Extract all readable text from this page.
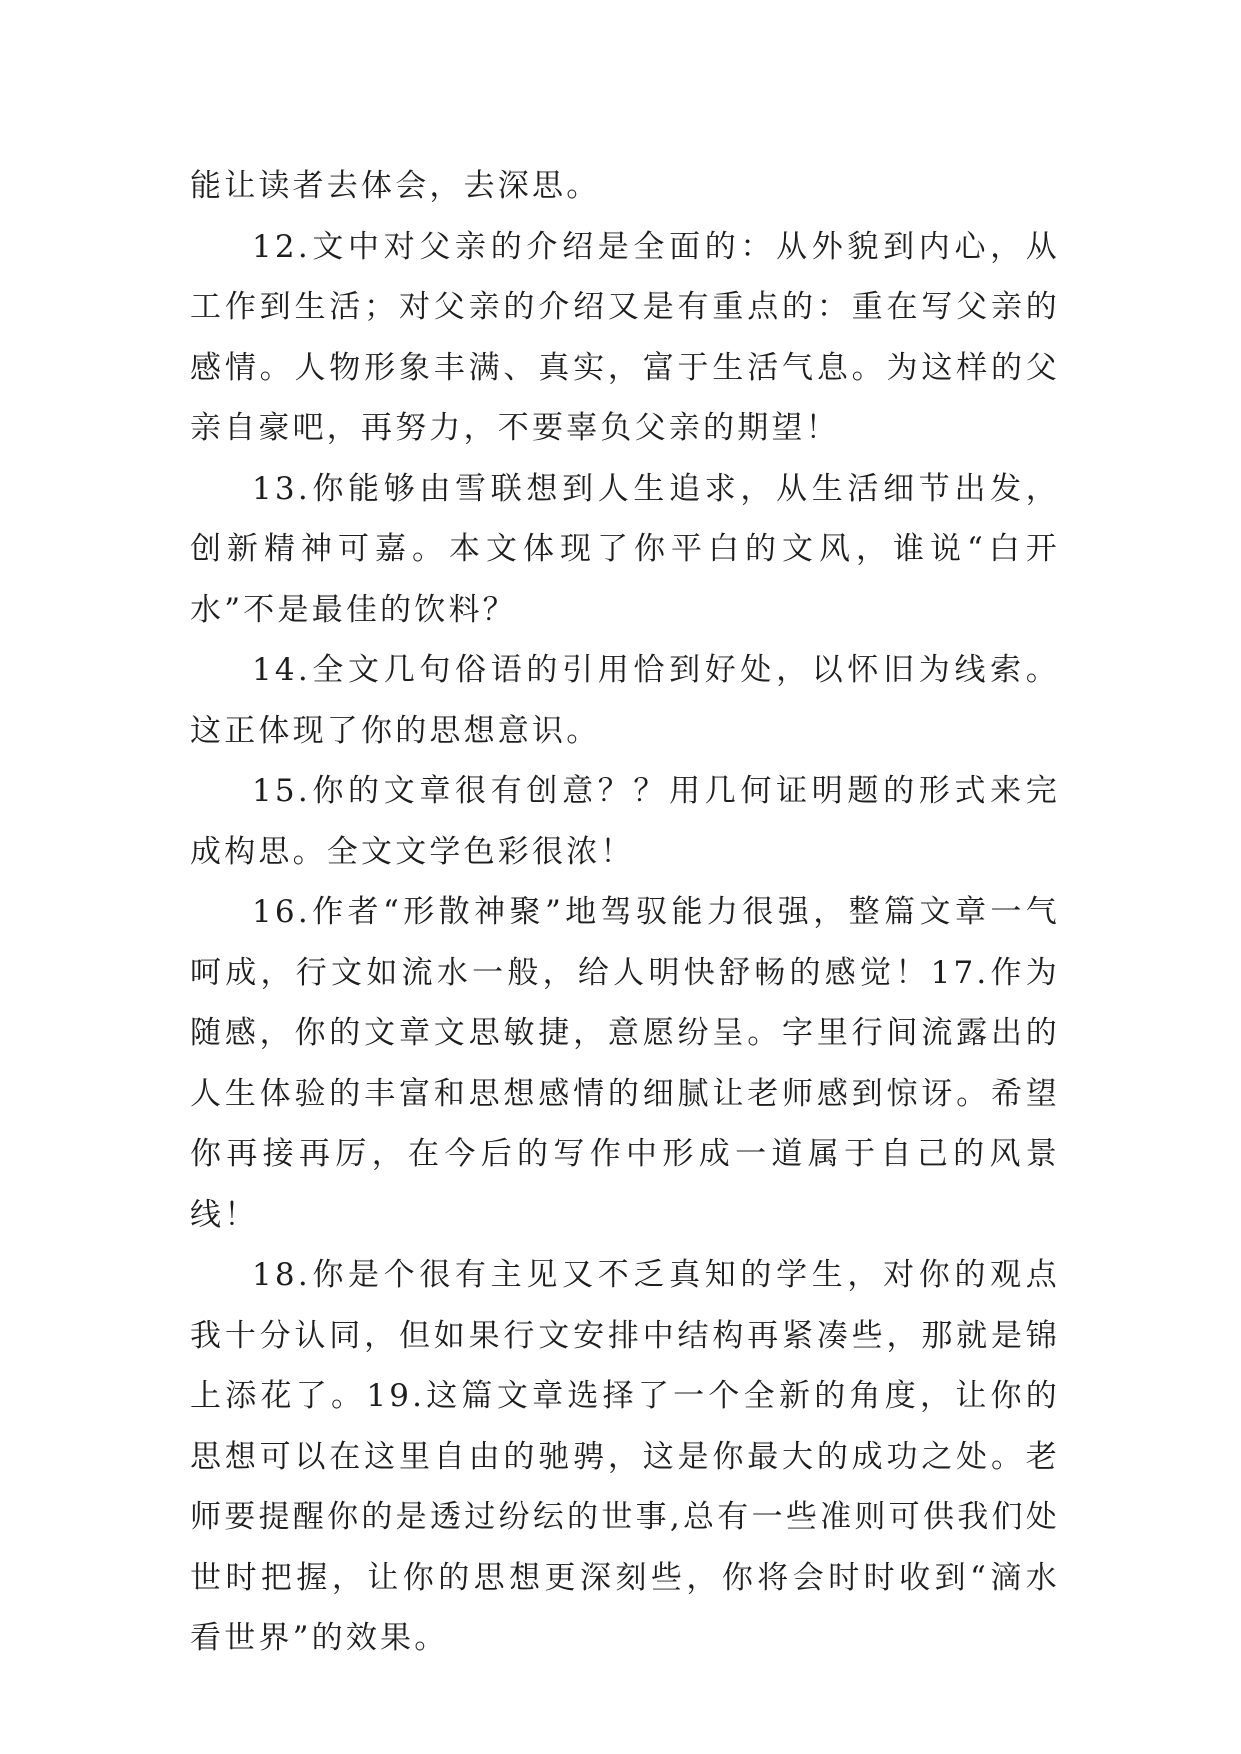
能让读者去体会，去深思。

12.文中对父亲的介绍是全面的：从外貌到内心，从工作到生活；对父亲的介绍又是有重点的：重在写父亲的感情。人物形象丰满、真实，富于生活气息。为这样的父亲自豪吧，再努力，不要辜负父亲的期望！

13.你能够由雪联想到人生追求，从生活细节出发，创新精神可嘉。本文体现了你平白的文风，谁说“白开水”不是最佳的饮料？

14.全文几句俗语的引用恰到好处，以怀旧为线索。这正体现了你的思想意识。

15.你的文章很有创意？？用几何证明题的形式来完成构思。全文文学色彩很浓！

16.作者“形散神聚”地驾驭能力很强，整篇文章一气呵成，行文如流水一般，给人明快舒畅的感觉！17.作为随感，你的文章文思敏捷，意愿纷呈。字里行间流露出的人生体验的丰富和思想感情的细腻让老师感到惊讶。希望你再接再厉，在今后的写作中形成一道属于自己的风景线！

18.你是个很有主见又不乏真知的学生，对你的观点我十分认同，但如果行文安排中结构再紧凑些，那就是锦上添花了。19.这篇文章选择了一个全新的角度，让你的思想可以在这里自由的驰骋，这是你最大的成功之处。老师要提醒你的是透过纷纭的世事,总有一些准则可供我们处世时把握，让你的思想更深刻些，你将会时时收到“滴水看世界”的效果。
